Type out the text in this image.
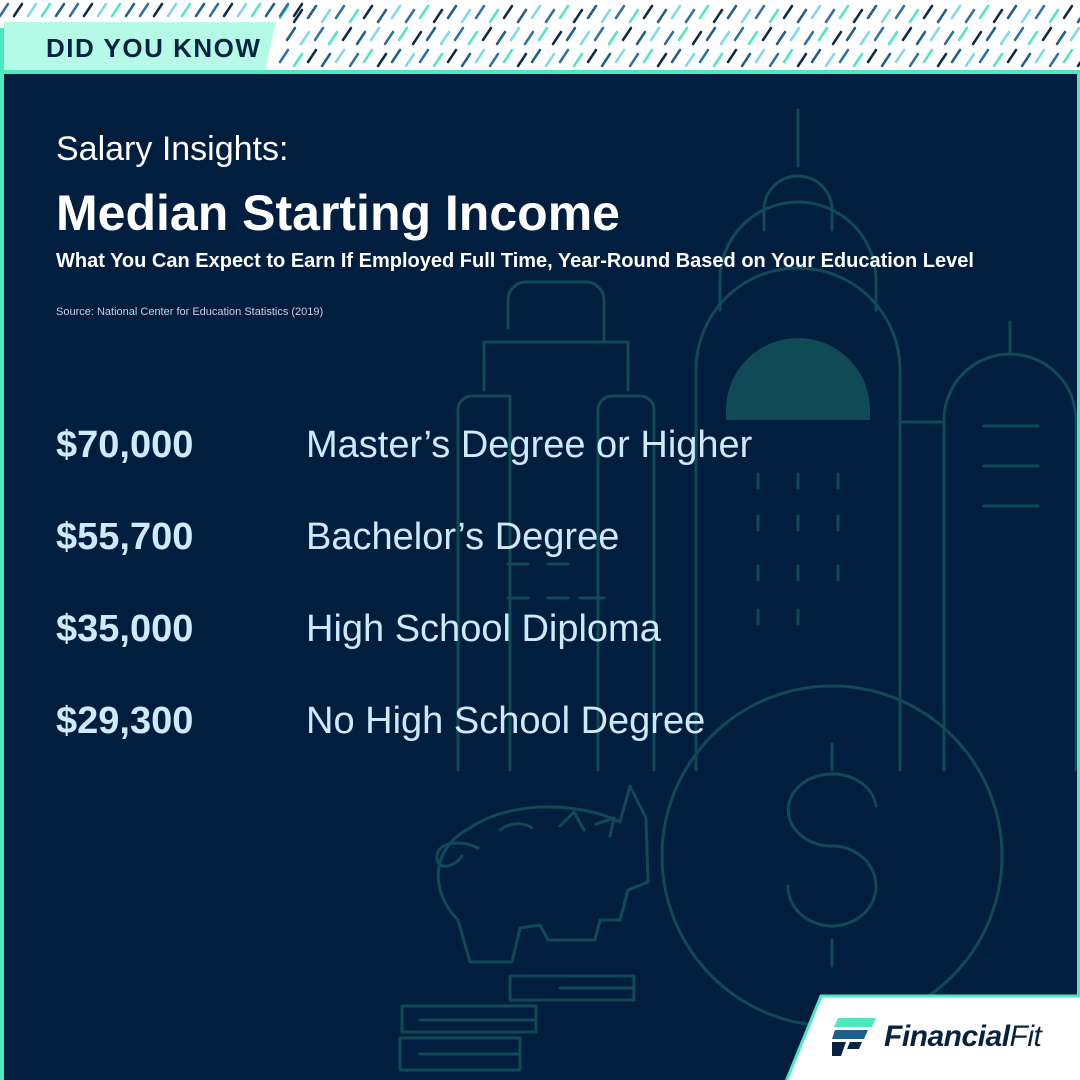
DID YOU KNOW
Salary Insights:
Median Starting Income
What You Can Expect to Earn If Employed Full Time, Year-Round Based on Your Education Level
Source: National Center for Education Statistics (2019)
$70,000	Master’s Degree or Higher
$55,700	Bachelor’s Degree
$35,000	High School Diploma
$29,300	No High School Degree
FinancialFit
